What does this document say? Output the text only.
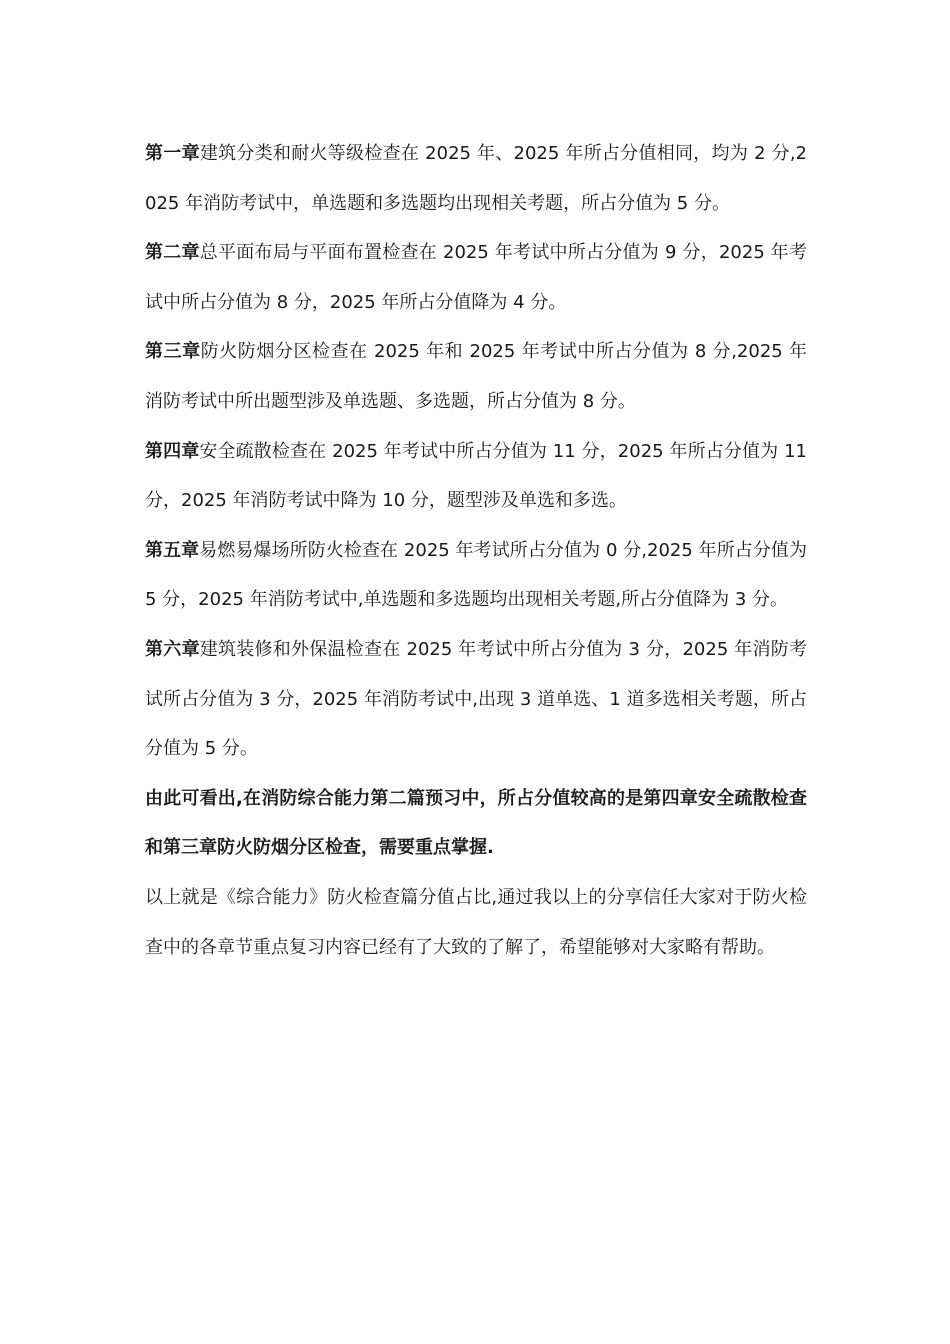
第一章建筑分类和耐火等级检查在 2025 年、2025 年所占分值相同，均为 2 分,2025 年消防考试中，单选题和多选题均出现相关考题，所占分值为 5 分。

第二章总平面布局与平面布置检查在 2025 年考试中所占分值为 9 分，2025 年考试中所占分值为 8 分，2025 年所占分值降为 4 分。

第三章防火防烟分区检查在 2025 年和 2025 年考试中所占分值为 8 分,2025 年消防考试中所出题型涉及单选题、多选题，所占分值为 8 分。

第四章安全疏散检查在 2025 年考试中所占分值为 11 分，2025 年所占分值为 11 分，2025 年消防考试中降为 10 分，题型涉及单选和多选。

第五章易燃易爆场所防火检查在 2025 年考试所占分值为 0 分,2025 年所占分值为 5 分，2025 年消防考试中,单选题和多选题均出现相关考题,所占分值降为 3 分。

第六章建筑装修和外保温检查在 2025 年考试中所占分值为 3 分，2025 年消防考试所占分值为 3 分，2025 年消防考试中,出现 3 道单选、1 道多选相关考题，所占分值为 5 分。

由此可看出,在消防综合能力第二篇预习中，所占分值较高的是第四章安全疏散检查和第三章防火防烟分区检查，需要重点掌握.

以上就是《综合能力》防火检查篇分值占比,通过我以上的分享信任大家对于防火检查中的各章节重点复习内容已经有了大致的了解了，希望能够对大家略有帮助。
